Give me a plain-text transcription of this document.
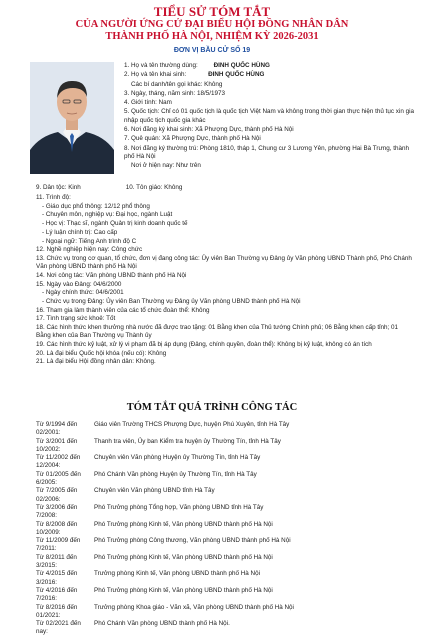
TIỂU SỬ TÓM TẮT
CỦA NGƯỜI ỨNG CỬ ĐẠI BIỂU HỘI ĐỒNG NHÂN DÂN
THÀNH PHỐ HÀ NỘI, NHIỆM KỲ 2026-2031
ĐƠN VỊ BẦU CỬ SỐ 19
1. Họ và tên thường dùng:	ĐINH QUỐC HÙNG
2. Họ và tên khai sinh:	ĐINH QUỐC HÙNG
Các bí danh/tên gọi khác: Không
3. Ngày, tháng, năm sinh: 18/5/1973
4. Giới tính: Nam
5. Quốc tịch: Chỉ có 01 quốc tịch là quốc tịch Việt Nam và không trong thời gian thực hiện thủ tục xin gia nhập quốc tịch quốc gia khác
6. Nơi đăng ký khai sinh: Xã Phượng Dực, thành phố Hà Nội
7. Quê quán: Xã Phượng Dực, thành phố Hà Nội
8. Nơi đăng ký thường trú: Phòng 1810, tháp 1, Chung cư 3 Lương Yên, phường Hai Bà Trưng, thành phố Hà Nội
Nơi ở hiện nay: Như trên
9. Dân tộc: Kinh	10. Tôn giáo: Không
11. Trình độ:
- Giáo dục phổ thông: 12/12 phổ thông
- Chuyên môn, nghiệp vụ: Đại học, ngành Luật
- Học vị: Thạc sĩ, ngành Quản trị kinh doanh quốc tế
- Lý luận chính trị: Cao cấp
- Ngoại ngữ: Tiếng Anh trình độ C
12. Nghề nghiệp hiện nay: Công chức
13. Chức vụ trong cơ quan, tổ chức, đơn vị đang công tác: Ủy viên Ban Thường vụ Đảng ủy Văn phòng UBND Thành phố, Phó Chánh Văn phòng UBND thành phố Hà Nội
14. Nơi công tác: Văn phòng UBND thành phố Hà Nội
15. Ngày vào Đảng: 04/6/2000
- Ngày chính thức: 04/6/2001
- Chức vụ trong Đảng: Ủy viên Ban Thường vụ Đảng ủy Văn phòng UBND thành phố Hà Nội
16. Tham gia làm thành viên của các tổ chức đoàn thể: Không
17. Tình trạng sức khoẻ: Tốt
18. Các hình thức khen thưởng nhà nước đã được trao tặng: 01 Bằng khen của Thủ tướng Chính phủ; 06 Bằng khen cấp tỉnh; 01 Bằng khen của Ban Thường vụ Thành ủy
19. Các hình thức kỷ luật, xử lý vi phạm đã bị áp dụng (Đảng, chính quyền, đoàn thể): Không bị kỷ luật, không có án tích
20. Là đại biểu Quốc hội khóa (nếu có): Không
21. Là đại biểu Hội đồng nhân dân: Không.
TÓM TẮT QUÁ TRÌNH CÔNG TÁC
Từ 9/1994 đến 02/2001:
Giáo viên Trường THCS Phượng Dực, huyện Phú Xuyên, tỉnh Hà Tây
Từ 3/2001 đến 10/2002:
Thanh tra viên, Ủy ban Kiểm tra huyện ủy Thường Tín, tỉnh Hà Tây
Từ 11/2002 đến 12/2004:
Chuyên viên Văn phòng Huyện ủy Thường Tín, tỉnh Hà Tây
Từ 01/2005 đến 6/2005:
Phó Chánh Văn phòng Huyện ủy Thường Tín, tỉnh Hà Tây
Từ 7/2005 đến 02/2006:
Chuyên viên Văn phòng UBND tỉnh Hà Tây
Từ 3/2006 đến 7/2008:
Phó Trưởng phòng Tổng hợp, Văn phòng UBND tỉnh Hà Tây
Từ 8/2008 đến 10/2009:
Phó Trưởng phòng Kinh tế, Văn phòng UBND thành phố Hà Nội
Từ 11/2009 đến 7/2011:
Phó Trưởng phòng Công thương, Văn phòng UBND thành phố Hà Nội
Từ 8/2011 đến 3/2015:
Phó Trưởng phòng Kinh tế, Văn phòng UBND thành phố Hà Nội
Từ 4/2015 đến 3/2016:
Trưởng phòng Kinh tế, Văn phòng UBND thành phố Hà Nội
Từ 4/2016 đến 7/2016:
Phó Trưởng phòng Kinh tế, Văn phòng UBND thành phố Hà Nội
Từ 8/2016 đến 01/2021:
Trưởng phòng Khoa giáo - Văn xã, Văn phòng UBND thành phố Hà Nội
Từ 02/2021 đến nay:
Phó Chánh Văn phòng UBND thành phố Hà Nội.
